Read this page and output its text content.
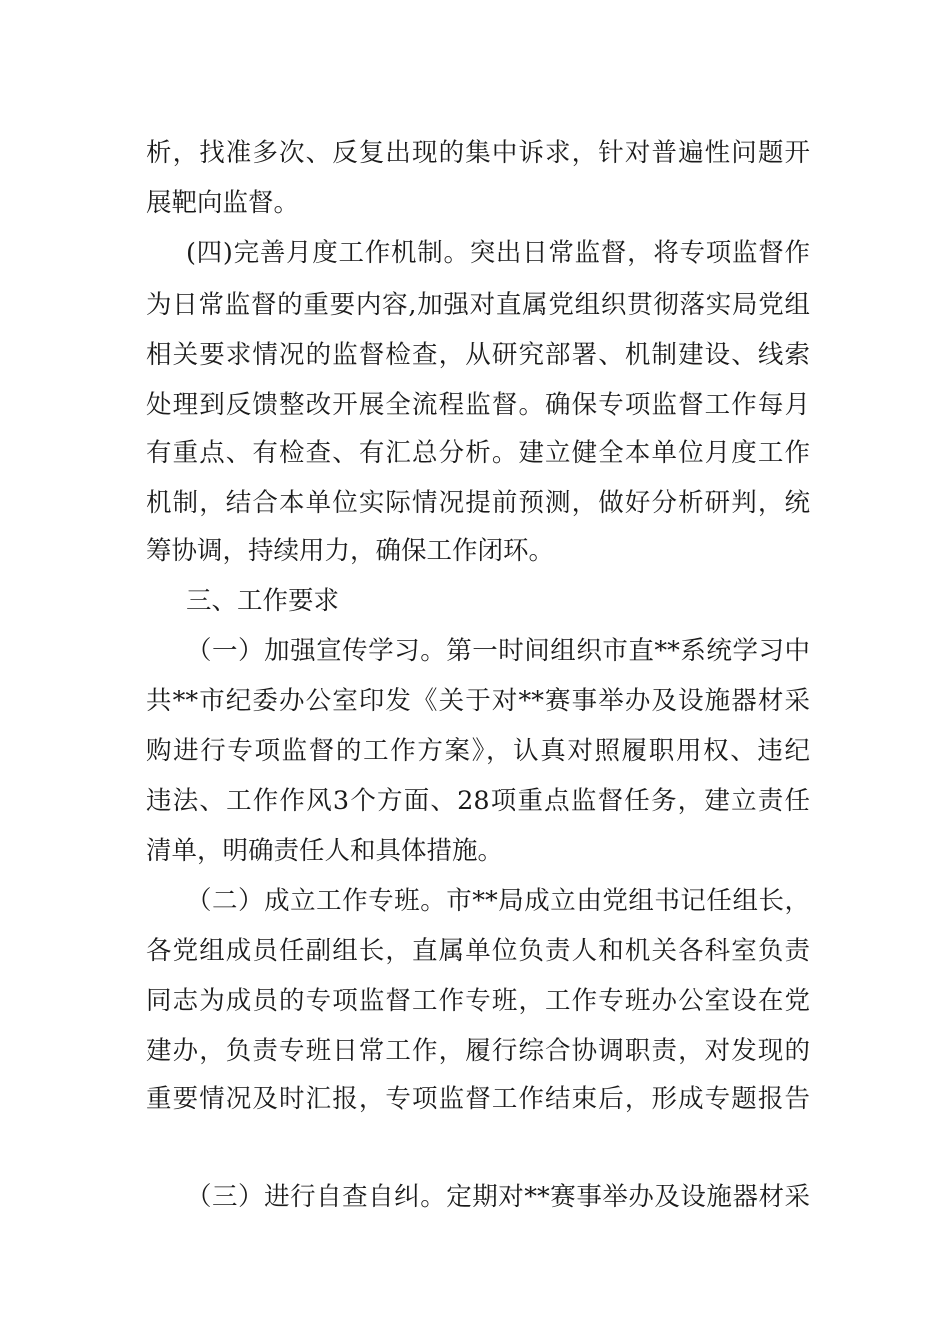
析，找准多次、反复出现的集中诉求，针对普遍性问题开
展靶向监督。
(四)完善月度工作机制。突出日常监督，将专项监督作
为日常监督的重要内容,加强对直属党组织贯彻落实局党组
相关要求情况的监督检查，从研究部署、机制建设、线索
处理到反馈整改开展全流程监督。确保专项监督工作每月
有重点、有检查、有汇总分析。建立健全本单位月度工作
机制，结合本单位实际情况提前预测，做好分析研判，统
筹协调，持续用力，确保工作闭环。
三、工作要求
（一）加强宣传学习。第一时间组织市直**系统学习中
共**市纪委办公室印发《关于对**赛事举办及设施器材采
购进行专项监督的工作方案》，认真对照履职用权、违纪
违法、工作作风3个方面、28项重点监督任务，建立责任
清单，明确责任人和具体措施。
（二）成立工作专班。市**局成立由党组书记任组长，
各党组成员任副组长，直属单位负责人和机关各科室负责
同志为成员的专项监督工作专班，工作专班办公室设在党
建办，负责专班日常工作，履行综合协调职责，对发现的
重要情况及时汇报，专项监督工作结束后，形成专题报告
（三）进行自查自纠。定期对**赛事举办及设施器材采
